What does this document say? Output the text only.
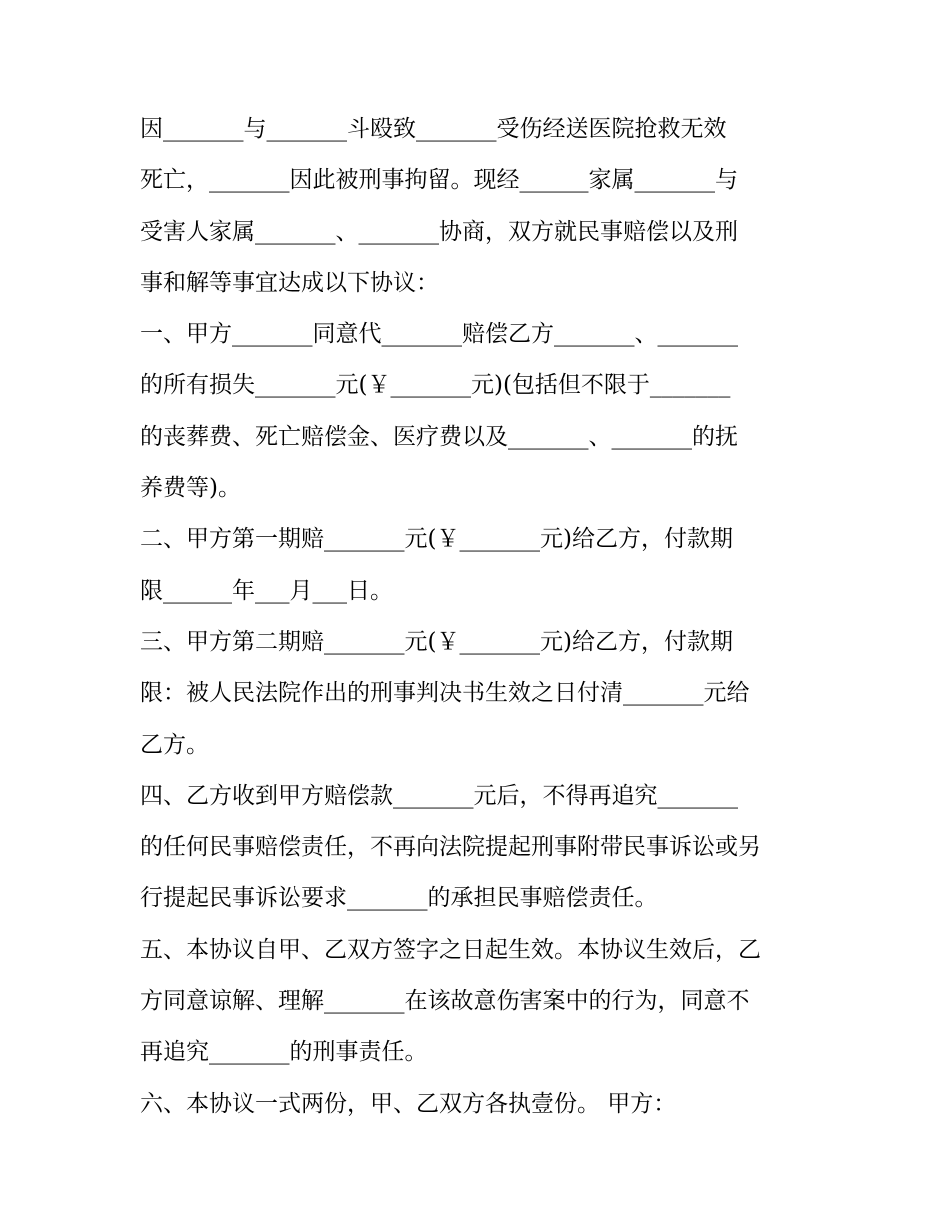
因_______与_______斗殴致_______受伤经送医院抢救无效
死亡，_______因此被刑事拘留。现经______家属_______与
受害人家属_______、_______协商，双方就民事赔偿以及刑
事和解等事宜达成以下协议：
一、甲方_______同意代_______赔偿乙方_______、_______
的所有损失_______元(￥_______元)(包括但不限于_______
的丧葬费、死亡赔偿金、医疗费以及_______、_______的抚
养费等)。
二、甲方第一期赔_______元(￥_______元)给乙方，付款期
限______年___月___日。
三、甲方第二期赔_______元(￥_______元)给乙方，付款期
限：被人民法院作出的刑事判决书生效之日付清_______元给
乙方。
四、乙方收到甲方赔偿款_______元后，不得再追究_______
的任何民事赔偿责任，不再向法院提起刑事附带民事诉讼或另
行提起民事诉讼要求_______的承担民事赔偿责任。
五、本协议自甲、乙双方签字之日起生效。本协议生效后，乙
方同意谅解、理解_______在该故意伤害案中的行为，同意不
再追究_______的刑事责任。
六、本协议一式两份，甲、乙双方各执壹份。 甲方：
